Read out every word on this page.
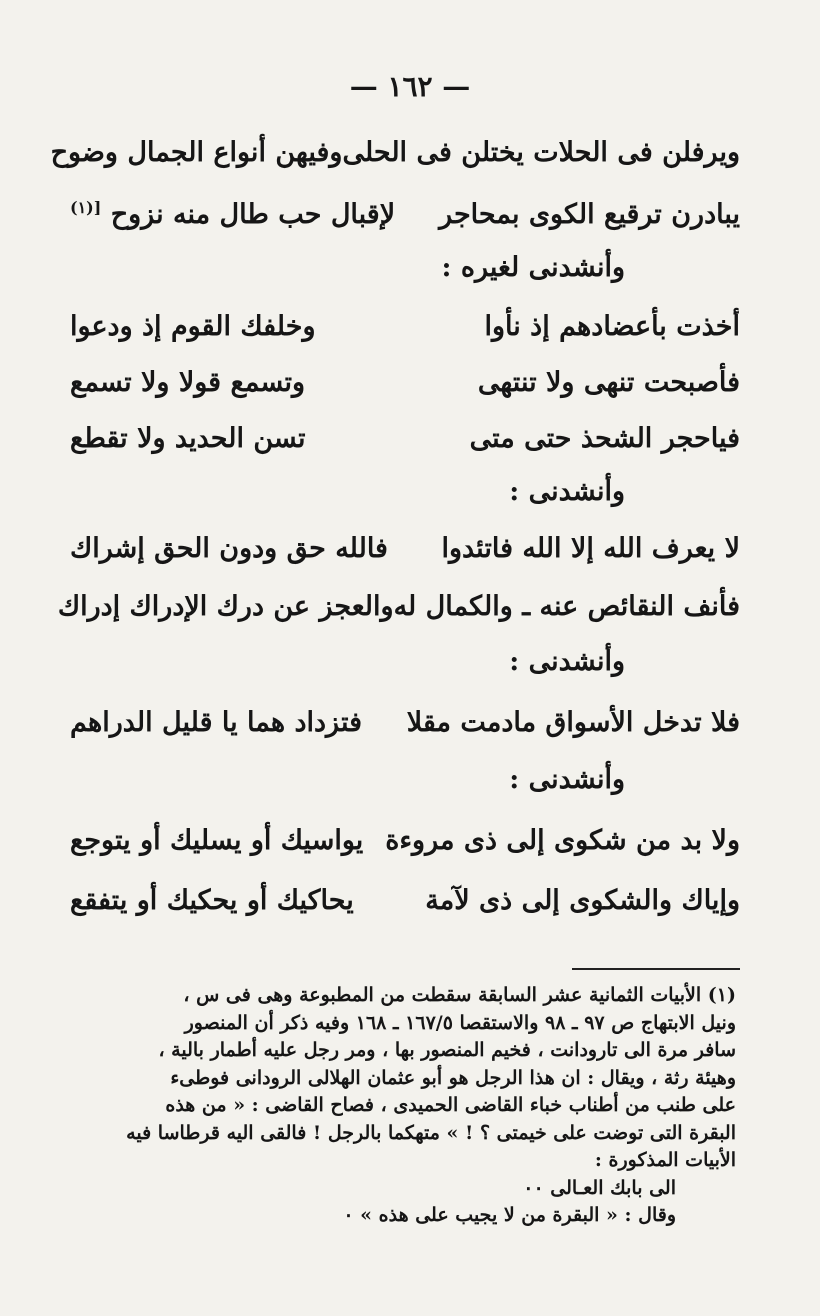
— ١٦٢ —
ويرفلن فى الحلات يختلن فى الحلى
وفيهن أنواع الجمال وضوح
يبادرن ترقيع الكوى بمحاجر
لإقبال حب طال منه نزوح $^{[(١)}$
وأنشدنى لغيره :
أخذت بأعضادهم إذ نأوا
وخلفك القوم إذ ودعوا
فأصبحت تنهى ولا تنتهى
وتسمع قولا ولا تسمع
فياحجر الشحذ حتى متى
تسن الحديد ولا تقطع
وأنشدنى :
لا يعرف الله إلا الله فاتئدوا
فالله حق ودون الحق إشراك
فأنف النقائص عنه ـ والكمال له
والعجز عن درك الإدراك إدراك
وأنشدنى :
فلا تدخل الأسواق مادمت مقلا
فتزداد هما يا قليل الدراهم
وأنشدنى :
ولا بد من شكوى إلى ذى مروءة
يواسيك أو يسليك أو يتوجع
وإياك والشكوى إلى ذى لآمة
يحاكيك أو يحكيك أو يتفقع

(١) الأبيات الثمانية عشر السابقة سقطت من المطبوعة وهى فى س ،

ونيل الابتهاج ص ٩٧ ـ ٩٨ والاستقصا ١٦٧/٥ ـ ١٦٨ وفيه ذكر أن المنصور

سافر مرة الى تارودانت ، فخيم المنصور بها ، ومر رجل عليه أطمار بالية ،

وهيئة رثة ، ويقال : ان هذا الرجل هو أبو عثمان الهلالى الرودانى فوطىء

على طنب من أطناب خباء القاضى الحميدى ، فصاح القاضى : « من هذه

البقرة التى توضت على خيمتى ؟ ! » متهكما بالرجل ! فالقى اليه قرطاسا فيه

الأبيات المذكورة :

الى بابك العـالى ٠٠

وقال : « البقرة من لا يجيب على هذه » ٠
